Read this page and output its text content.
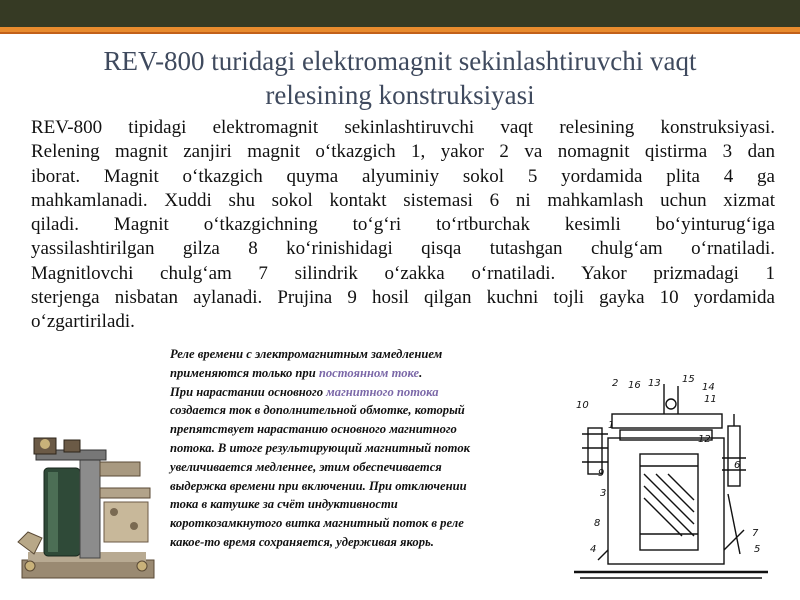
REV-800 turidagi elektromagnit sekinlashtiruvchi vaqt
relesining konstruksiyasi
REV-800 tipidagi elektromagnit sekinlashtiruvchi vaqt relesining konstruksiyasi.
Relening magnit zanjiri magnit o‘tkazgich 1, yakor 2 va nomagnit qistirma 3 dan
iborat. Magnit o‘tkazgich quyma alyuminiy sokol 5 yordamida plita 4 ga
mahkamlanadi. Xuddi shu sokol kontakt sistemasi 6 ni mahkamlash uchun xizmat
qiladi. Magnit o‘tkazgichning to‘g‘ri to‘rtburchak kesimli bo‘yinturug‘iga
yassilashtirilgan gilza 8 ko‘rinishidagi qisqa tutashgan chulg‘am o‘rnatiladi.
Magnitlovchi chulg‘am 7 silindrik o‘zakka o‘rnatiladi. Yakor prizmadagi 1
sterjenga nisbatan aylanadi. Prujina 9 hosil qilgan kuchni tojli gayka 10 yordamida
o‘zgartiriladi.
Реле времени с электромагнитным замедлением
применяются только при постоянном токе.
При нарастании основного магнитного потока
создается ток в дополнительной обмотке, который
препятствует нарастанию основного магнитного
потока. В итоге результирующий магнитный поток
увеличивается медленнее, этим обеспечивается
выдержка времени при включении. При отключении
тока в катушке за счёт индуктивности
короткозамкнутого витка магнитный поток в реле
какое-то время сохраняется, удерживая якорь.
2 16 13 15
14
11
10
1
12
9
3
6
8
7
5
4
